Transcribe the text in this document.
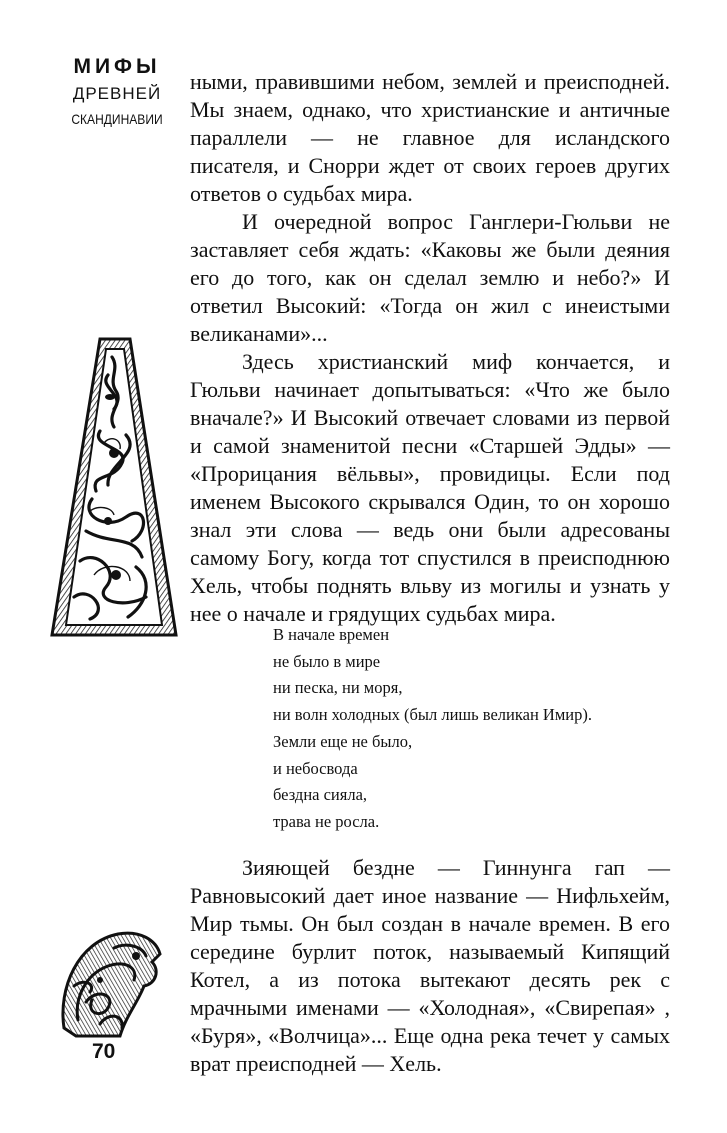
МИФЫ
ДРЕВНЕЙ
СКАНДИНАВИИ

ными, правившими небом, землей и преисподней. Мы знаем, однако, что христианские и античные параллели — не главное для исландского писателя, и Снорри ждет от своих героев других ответов о судьбах мира.

И очередной вопрос Ганглери-Гюльви не заставляет себя ждать: «Каковы же были деяния его до того, как он сделал землю и небо?» И ответил Высокий: «Тогда он жил с инеистыми великанами»...

Здесь христианский миф кончается, и Гюльви начинает допытываться: «Что же было вначале?» И Высокий отвечает словами из первой и самой знаменитой песни «Старшей Эдды» — «Прорицания вёльвы», провидицы. Если под именем Высокого скрывался Один, то он хорошо знал эти слова — ведь они были адресованы самому Богу, когда тот спустился в преисподнюю Хель, чтобы поднять вльву из могилы и узнать у нее о начале и грядущих судьбах мира.

В начале времен
не было в мире
ни песка, ни моря,
ни волн холодных (был лишь великан Имир).
Земли еще не было,
и небосвода
бездна сияла,
трава не росла.

Зияющей бездне — Гиннунга гап — Равновысокий дает иное название — Нифльхейм, Мир тьмы. Он был создан в начале времен. В его середине бурлит поток, называемый Кипящий Котел, а из потока вытекают десять рек с мрачными именами — «Холодная», «Свирепая» , «Буря», «Волчица»... Еще одна река течет у самых врат преисподней — Хель.

70
